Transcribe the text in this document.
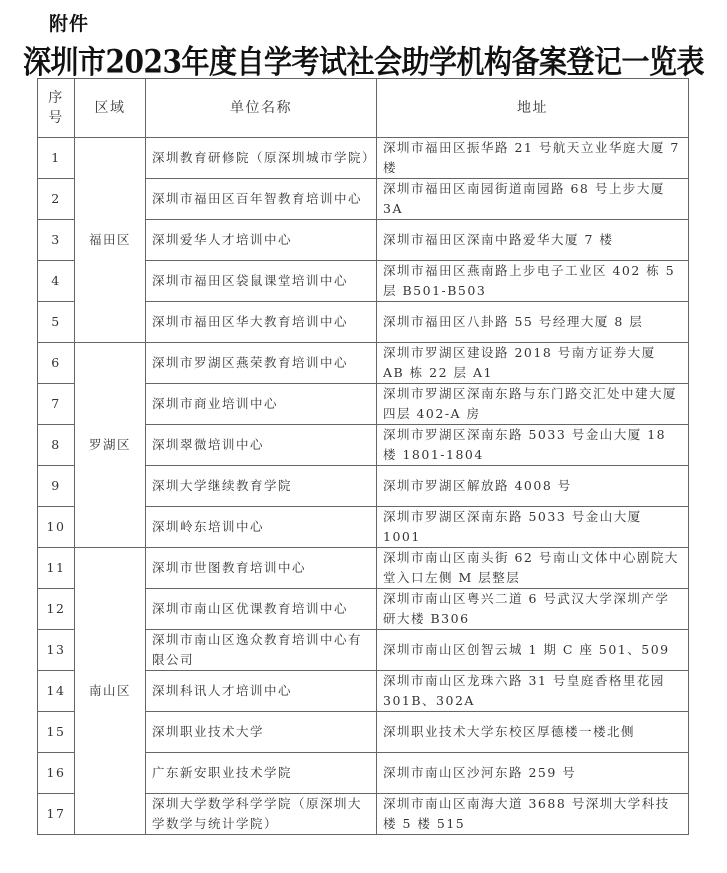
附件
深圳市2023年度自学考试社会助学机构备案登记一览表
序
号	区域	单位名称	地址
1	福田区	深圳教育研修院（原深圳城市学院）	深圳市福田区振华路 21 号航天立业华庭大厦 7 楼
2		深圳市福田区百年智教育培训中心	深圳市福田区南园街道南园路 68 号上步大厦 3A
3		深圳爱华人才培训中心	深圳市福田区深南中路爱华大厦 7 楼
4		深圳市福田区袋鼠课堂培训中心	深圳市福田区燕南路上步电子工业区 402 栋 5 层 B501-B503
5		深圳市福田区华大教育培训中心	深圳市福田区八卦路 55 号经理大厦 8 层
6	罗湖区	深圳市罗湖区燕荣教育培训中心	深圳市罗湖区建设路 2018 号南方证券大厦 AB 栋 22 层 A1
7		深圳市商业培训中心	深圳市罗湖区深南东路与东门路交汇处中建大厦四层 402-A 房
8		深圳翠微培训中心	深圳市罗湖区深南东路 5033 号金山大厦 18 楼 1801-1804
9		深圳大学继续教育学院	深圳市罗湖区解放路 4008 号
10		深圳岭东培训中心	深圳市罗湖区深南东路 5033 号金山大厦 1001
11	南山区	深圳市世图教育培训中心	深圳市南山区南头街 62 号南山文体中心剧院大堂入口左侧 M 层整层
12		深圳市南山区优课教育培训中心	深圳市南山区粤兴二道 6 号武汉大学深圳产学研大楼 B306
13		深圳市南山区逸众教育培训中心有限公司	深圳市南山区创智云城 1 期 C 座 501、509
14		深圳科讯人才培训中心	深圳市南山区龙珠六路 31 号皇庭香格里花园 301B、302A
15		深圳职业技术大学	深圳职业技术大学东校区厚德楼一楼北侧
16		广东新安职业技术学院	深圳市南山区沙河东路 259 号
17		深圳大学数学科学学院（原深圳大学数学与统计学院）	深圳市南山区南海大道 3688 号深圳大学科技楼 5 楼 515
